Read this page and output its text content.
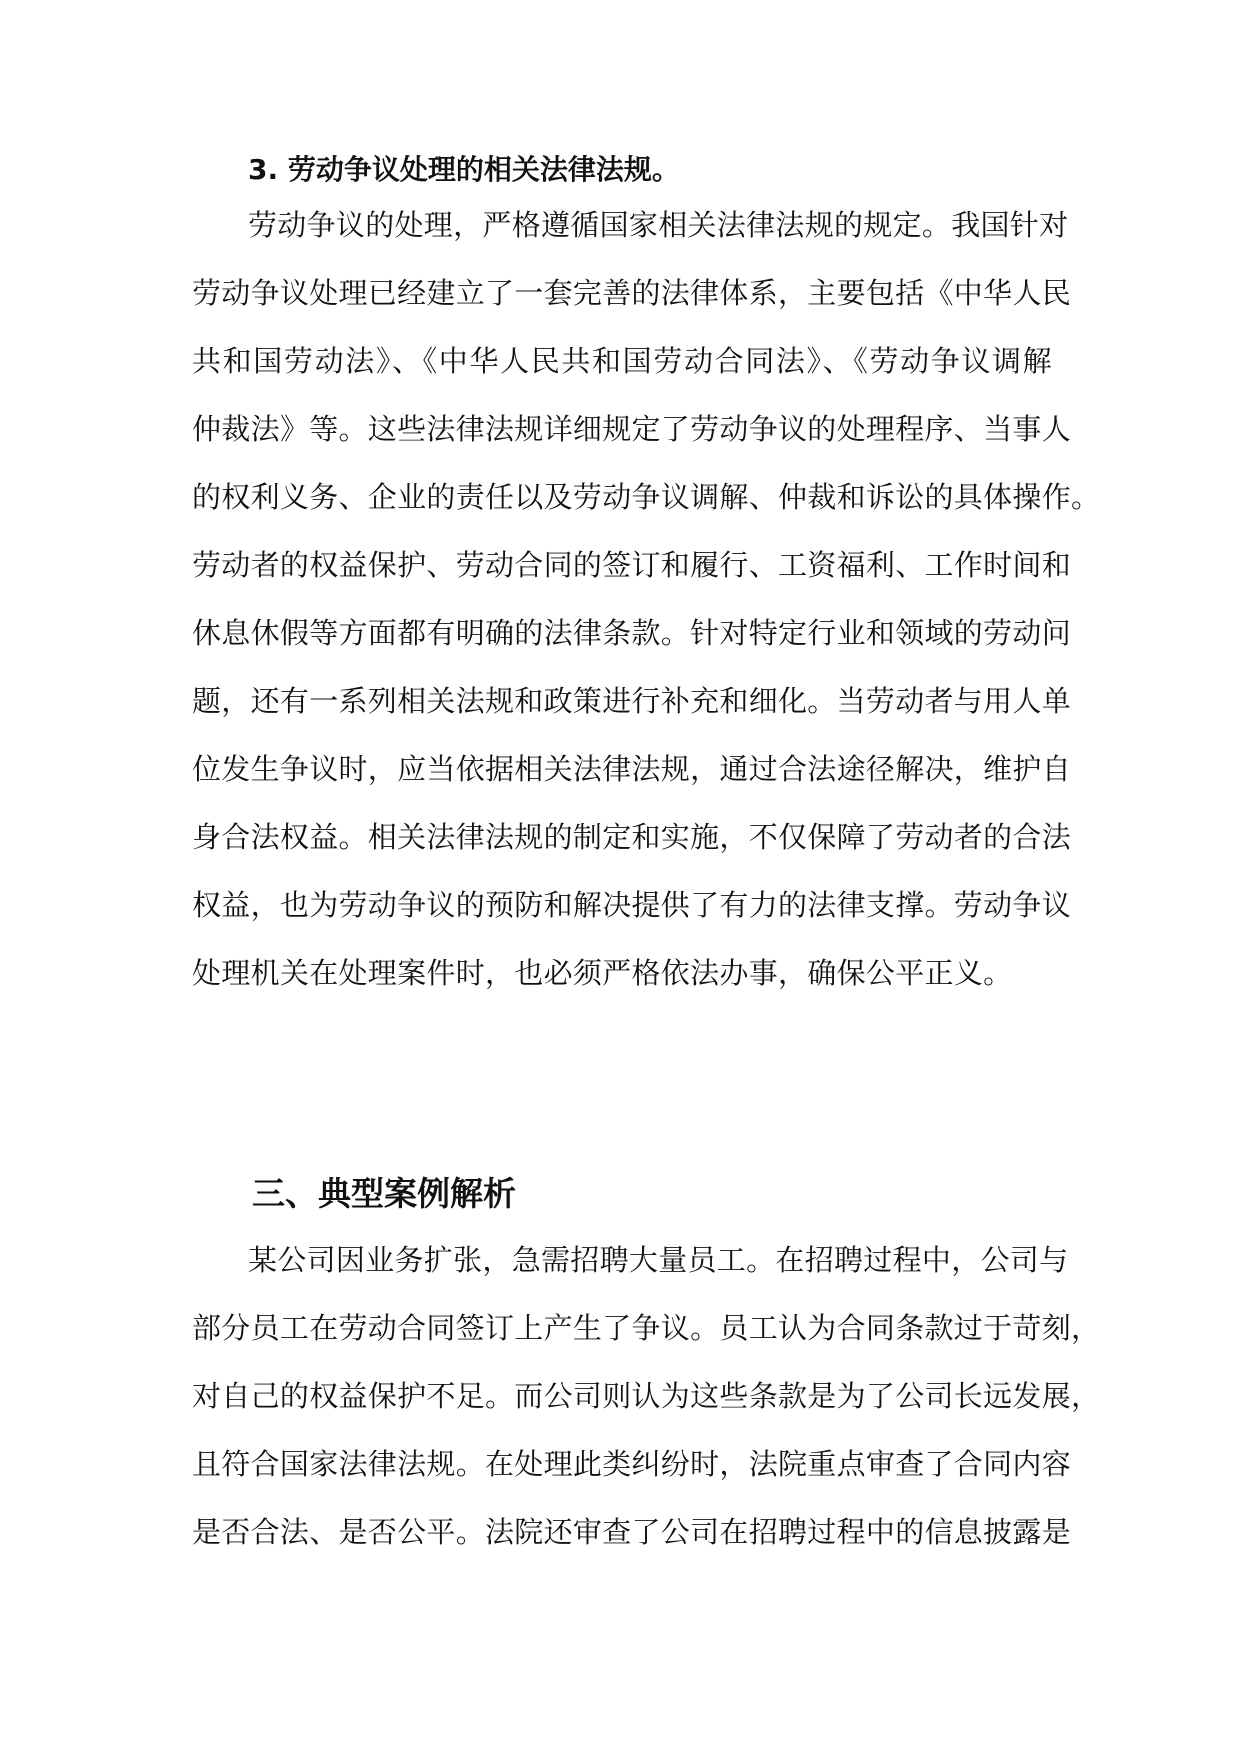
3. 劳动争议处理的相关法律法规。
劳动争议的处理，严格遵循国家相关法律法规的规定。我国针对
劳动争议处理已经建立了一套完善的法律体系，主要包括《中华人民
共和国劳动法》、《中华人民共和国劳动合同法》、《劳动争议调解
仲裁法》等。这些法律法规详细规定了劳动争议的处理程序、当事人
的权利义务、企业的责任以及劳动争议调解、仲裁和诉讼的具体操作。
劳动者的权益保护、劳动合同的签订和履行、工资福利、工作时间和
休息休假等方面都有明确的法律条款。针对特定行业和领域的劳动问
题，还有一系列相关法规和政策进行补充和细化。当劳动者与用人单
位发生争议时，应当依据相关法律法规，通过合法途径解决，维护自
身合法权益。相关法律法规的制定和实施，不仅保障了劳动者的合法
权益，也为劳动争议的预防和解决提供了有力的法律支撑。劳动争议
处理机关在处理案件时，也必须严格依法办事，确保公平正义。
三、典型案例解析
某公司因业务扩张，急需招聘大量员工。在招聘过程中，公司与
部分员工在劳动合同签订上产生了争议。员工认为合同条款过于苛刻，
对自己的权益保护不足。而公司则认为这些条款是为了公司长远发展，
且符合国家法律法规。在处理此类纠纷时，法院重点审查了合同内容
是否合法、是否公平。法院还审查了公司在招聘过程中的信息披露是
